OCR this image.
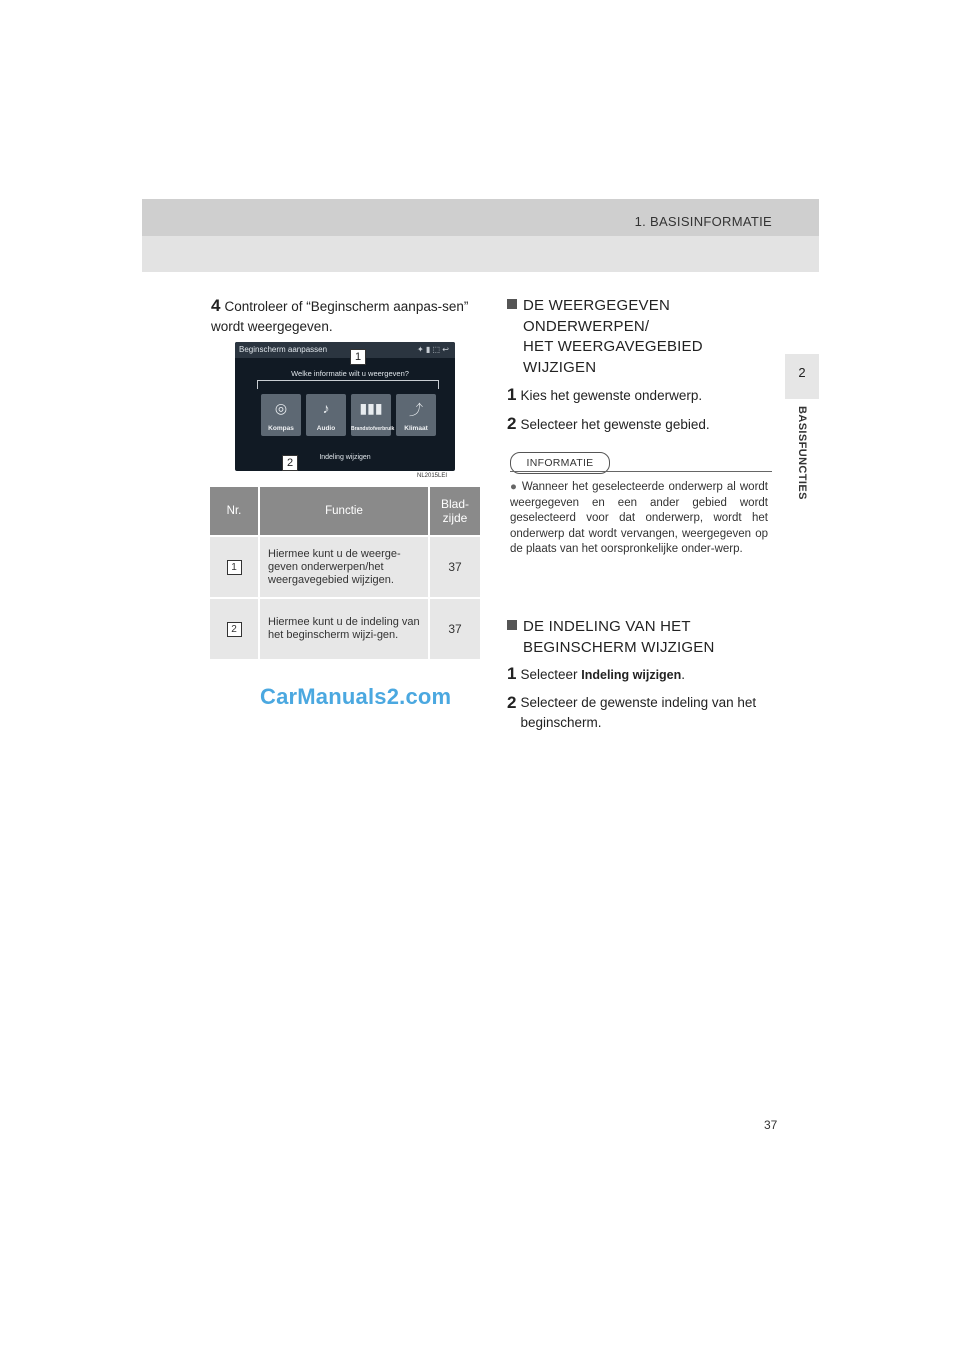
1. BASISINFORMATIE
2
BASISFUNCTIES
4 Controleer of “Beginscherm aanpas-sen” wordt weergegeven.
Beginscherm aanpassen	✦ ▮ ⬚ ↩
Welke informatie wilt u weergeven?
◎
Kompas
♪
Audio
▮▮▮
Brandstofverbruik
⤴
Klimaat
Indeling wijzigen
1
2
NL2015LEI
Nr.	Functie	Blad-zijde
1	Hiermee kunt u de weerge-geven onderwerpen/het weergavegebied wijzigen.	37
2	Hiermee kunt u de indeling van het beginscherm wijzi-gen.	37
CarManuals2.com
DE WEERGEGEVEN
ONDERWERPEN/
HET WEERGAVEGEBIED
WIJZIGEN
1 Kies het gewenste onderwerp.
2 Selecteer het gewenste gebied.
INFORMATIE
● Wanneer het geselecteerde onderwerp al wordt weergegeven en een ander gebied wordt geselecteerd voor dat onderwerp, wordt het onderwerp dat wordt vervangen, weergegeven op de plaats van het oorspronkelijke onder-werp.
DE INDELING VAN HET
BEGINSCHERM WIJZIGEN
1 Selecteer Indeling wijzigen.
2 Selecteer de gewenste indeling van het beginscherm.
37
